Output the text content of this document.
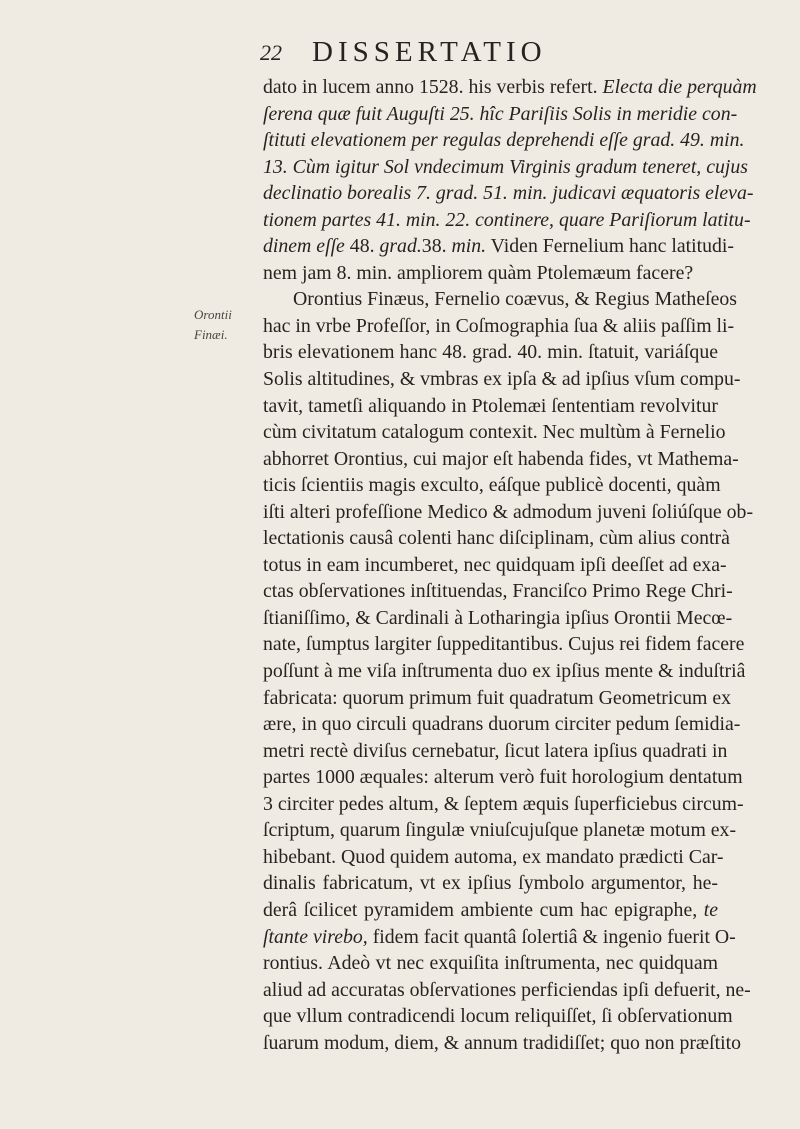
22 DISSERTATIO
Orontii
Finæi.
dato in lucem anno 1528. his verbis refert. Electa die perquàm
ſerena quæ fuit Auguſti 25. hîc Pariſiis Solis in meridie con-
ſtituti elevationem per regulas deprehendi eſſe grad. 49. min.
13. Cùm igitur Sol vndecimum Virginis gradum teneret, cujus
declinatio borealis 7. grad. 51. min. judicavi æquatoris eleva-
tionem partes 41. min. 22. continere, quare Pariſiorum latitu-
dinem eſſe 48. grad.38. min. Viden Fernelium hanc latitudi-
nem jam 8. min. ampliorem quàm Ptolemæum facere?
Orontius Finæus, Fernelio coævus, & Regius Matheſeos
hac in vrbe Profeſſor, in Coſmographia ſua & aliis paſſim li-
bris elevationem hanc 48. grad. 40. min. ſtatuit, variáſque
Solis altitudines, & vmbras ex ipſa & ad ipſius vſum compu-
tavit, tametſi aliquando in Ptolemæi ſententiam revolvitur
cùm civitatum catalogum contexit. Nec multùm à Fernelio
abhorret Orontius, cui major eſt habenda fides, vt Mathema-
ticis ſcientiis magis exculto, eáſque publicè docenti, quàm
iſti alteri profeſſione Medico & admodum juveni ſoliúſque ob-
lectationis causâ colenti hanc diſciplinam, cùm alius contrà
totus in eam incumberet, nec quidquam ipſi deeſſet ad exa-
ctas obſervationes inſtituendas, Franciſco Primo Rege Chri-
ſtianiſſimo, & Cardinali à Lotharingia ipſius Orontii Mecœ-
nate, ſumptus largiter ſuppeditantibus. Cujus rei fidem facere
poſſunt à me viſa inſtrumenta duo ex ipſius mente & induſtriâ
fabricata: quorum primum fuit quadratum Geometricum ex
ære, in quo circuli quadrans duorum circiter pedum ſemidia-
metri rectè diviſus cernebatur, ſicut latera ipſius quadrati in
partes 1000 æquales: alterum verò fuit horologium dentatum
3 circiter pedes altum, & ſeptem æquis ſuperficiebus circum-
ſcriptum, quarum ſingulæ vniuſcujuſque planetæ motum ex-
hibebant. Quod quidem automa, ex mandato prædicti Car-
dinalis fabricatum, vt ex ipſius ſymbolo argumentor, he-
derâ ſcilicet pyramidem ambiente cum hac epigraphe, te
ſtante virebo, fidem facit quantâ ſolertiâ & ingenio fuerit O-
rontius. Adeò vt nec exquiſita inſtrumenta, nec quidquam
aliud ad accuratas obſervationes perficiendas ipſi defuerit, ne-
que vllum contradicendi locum reliquiſſet, ſi obſervationum
ſuarum modum, diem, & annum tradidiſſet; quo non præſtito
